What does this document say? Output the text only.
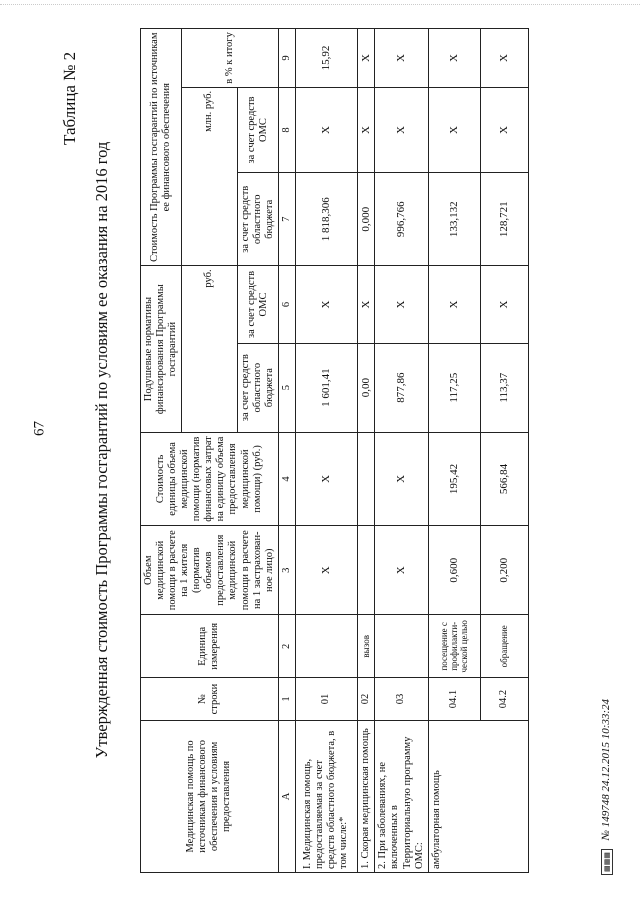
Таблица № 2
Утвержденная стоимость Программы госгарантий по условиям ее оказания на 2016 год
Медицинская помощь по источникам финансового обеспечения и условиям предоставления	№ строки	Единица измерения	Объем медицинской помощи в расчете на 1 жителя (норматив объемов предоставления медицинской помощи в расчете на 1 застрахован-ное лицо)	Стоимость единицы объема медицинской помощи (норматив финансовых затрат на единицу объема предоставления медицинской помощи) (руб.)	Подушевые нормативы финансирования Программы госгарантий		Стоимость Программы госгарантий по источникам ее финансового обеспечения		
					руб.		млн. руб.		в % к итогу
					за счет средств областного бюджета	за счет средств ОМС	за счет средств областного бюджета	за счет средств ОМС	
A	1	2	3	4	5	6	7	8	9
I. Медицинская помощь, предоставляемая за счет средств областного бюджета, в том числе:*	01		X	X	1 601,41	X	1 818,306	X	15,92
1. Скорая медицинская помощь	02	вызов			0,00	X	0,000	X	X
2. При заболеваниях, не включенных в Территориальную программу ОМС:	03		X	X	877,86	X	996,766	X	X
амбулаторная помощь	04.1	посещение с профилакти-ческой целью	0,600	195,42	117,25	X	133,132	X	X
	04.2	обращение	0,200	566,84	113,37	X	128,721	X	X
▦▦▦ № 149748 24.12.2015 10:33:24
67
